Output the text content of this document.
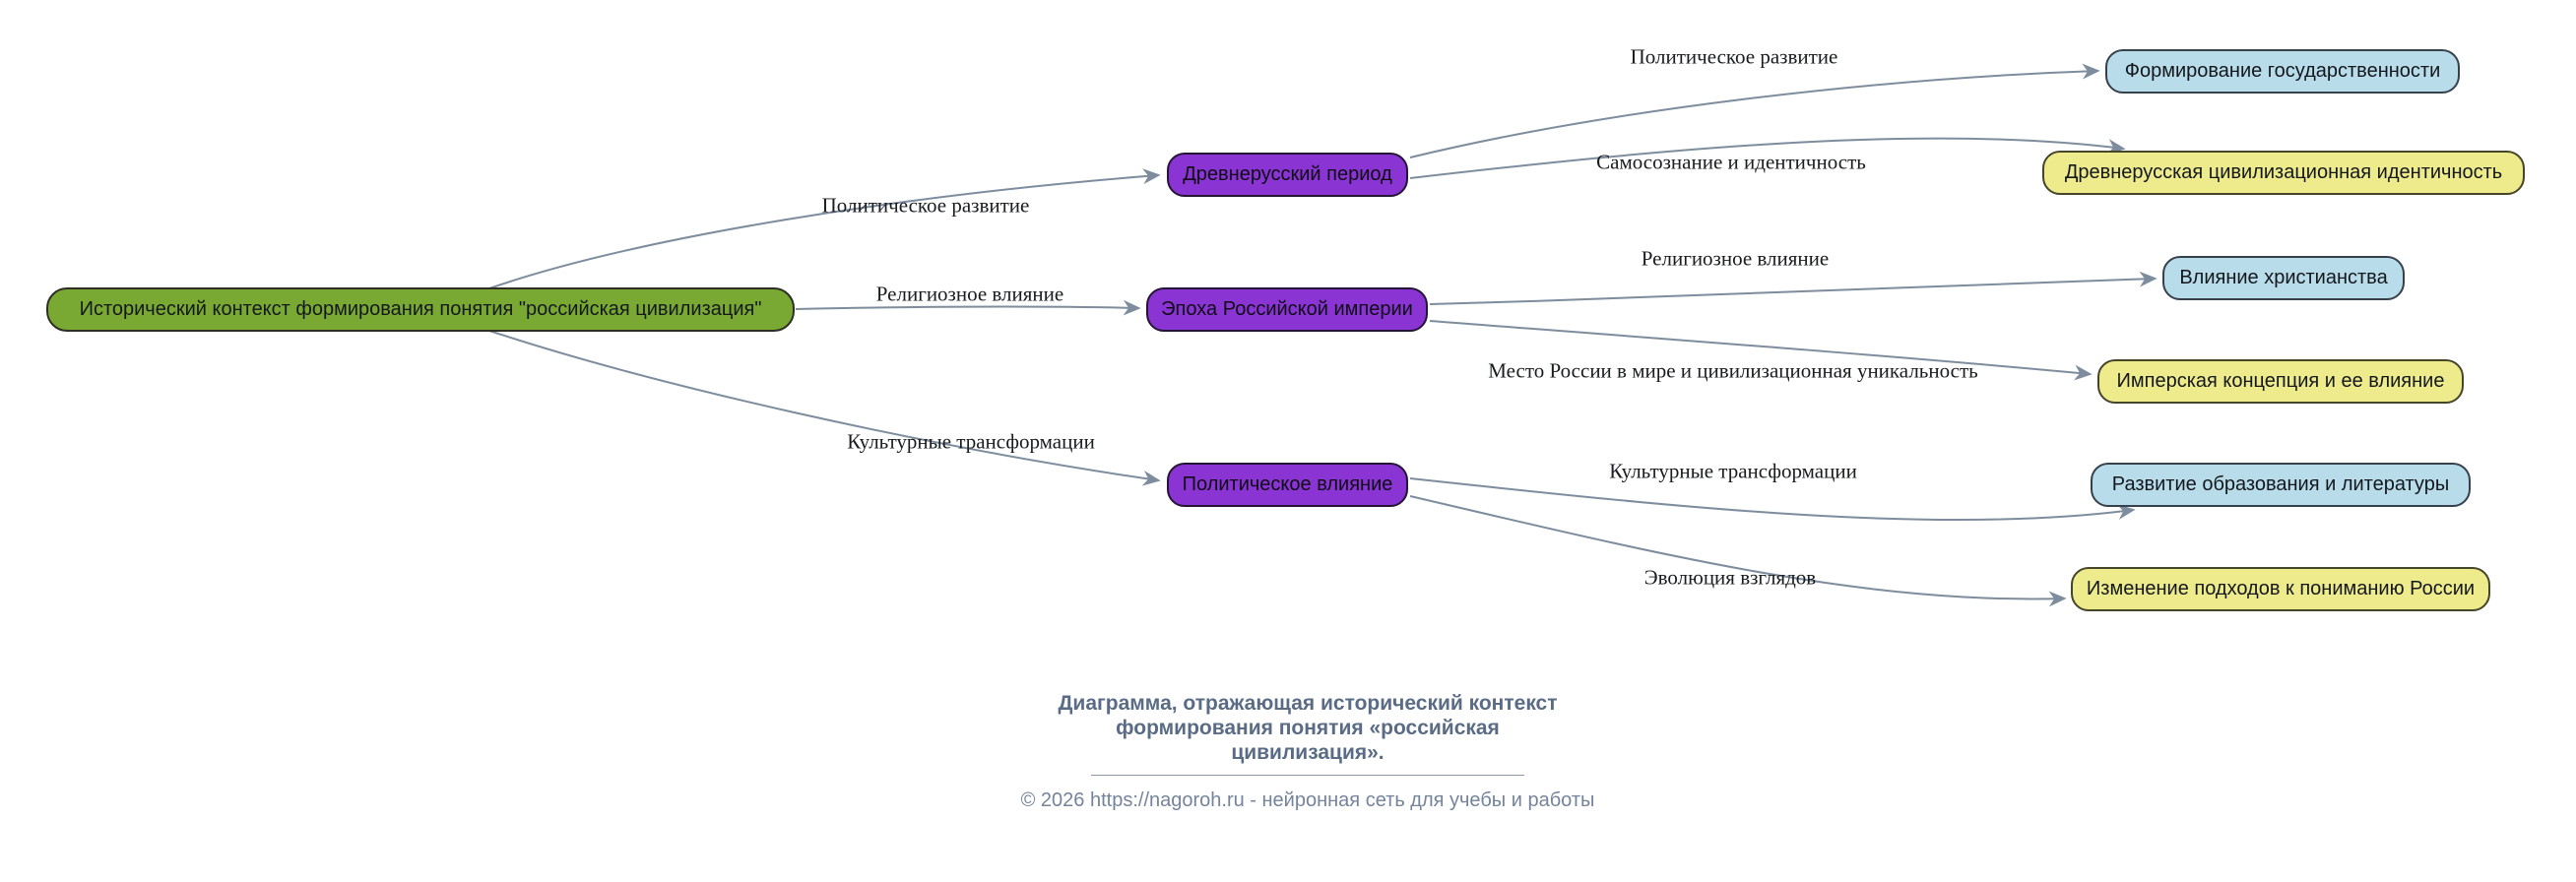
Исторический контекст формирования понятия "российская цивилизация"
Древнерусский период
Эпоха Российской империи
Политическое влияние
Формирование государственности
Древнерусская цивилизационная идентичность
Влияние христианства
Имперская концепция и ее влияние
Развитие образования и литературы
Изменение подходов к пониманию России
Политическое развитие
Религиозное влияние
Культурные трансформации
Политическое развитие
Самосознание и идентичность
Религиозное влияние
Место России в мире и цивилизационная уникальность
Культурные трансформации
Эволюция взглядов
Диаграмма, отражающая исторический контекст формирования понятия «российская цивилизация».
© 2026 https://nagoroh.ru - нейронная сеть для учебы и работы
